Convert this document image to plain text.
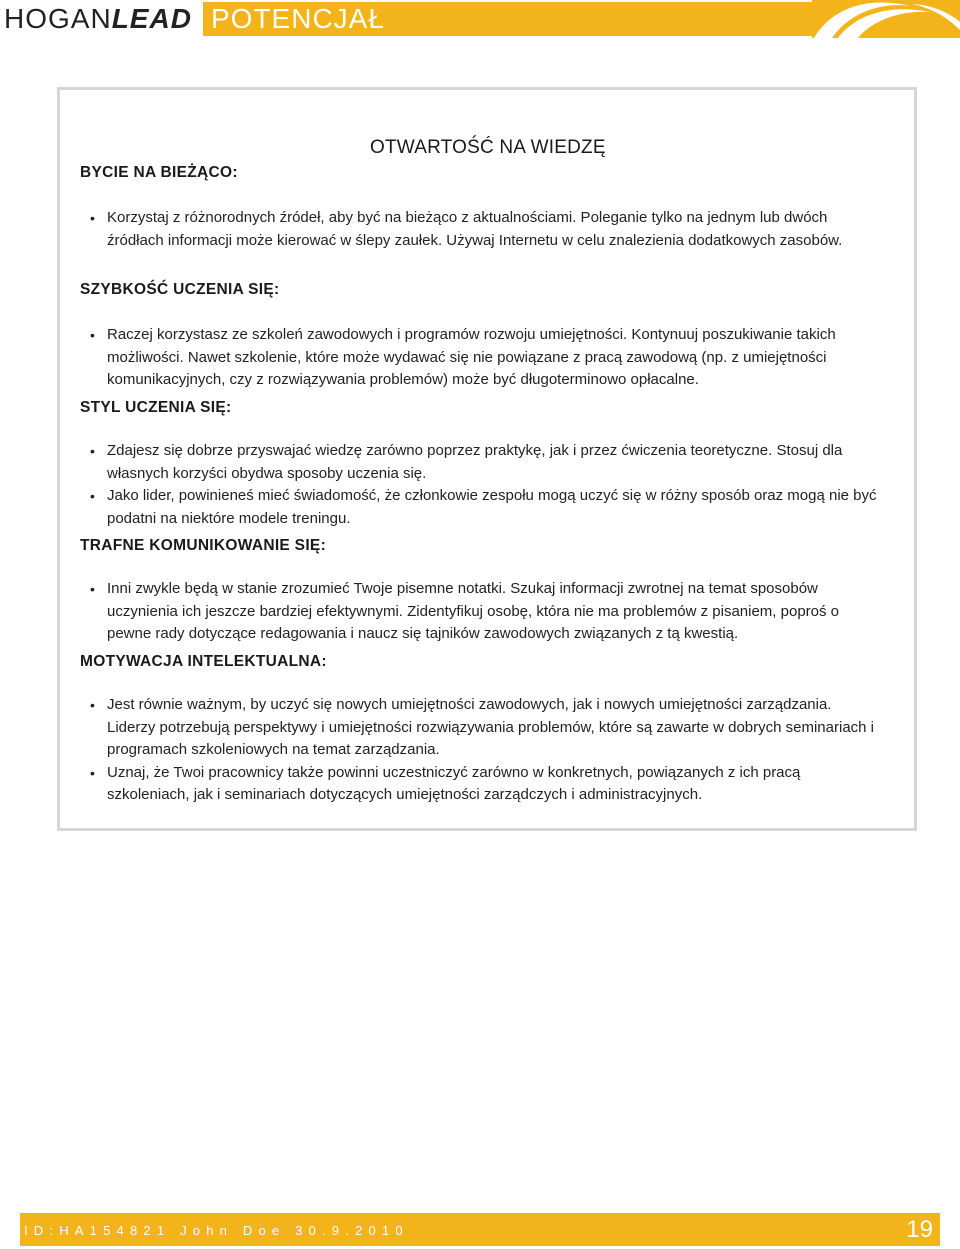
HOGANLEAD POTENCJAŁ
OTWARTOŚĆ NA WIEDZĘ
BYCIE NA BIEŻĄCO:
• Korzystaj z różnorodnych źródeł, aby być na bieżąco z aktualnościami. Poleganie tylko na jednym lub dwóch źródłach informacji może kierować w ślepy zaułek. Używaj Internetu w celu znalezienia dodatkowych zasobów.
SZYBKOŚĆ UCZENIA SIĘ:
• Raczej korzystasz ze szkoleń zawodowych i programów rozwoju umiejętności. Kontynuuj poszukiwanie takich możliwości. Nawet szkolenie, które może wydawać się nie powiązane z pracą zawodową (np. z umiejętności komunikacyjnych, czy z rozwiązywania problemów) może być długoterminowo opłacalne.
STYL UCZENIA SIĘ:
• Zdajesz się dobrze przyswajać wiedzę zarówno poprzez praktykę, jak i przez ćwiczenia teoretyczne. Stosuj dla własnych korzyści obydwa sposoby uczenia się.
• Jako lider, powinieneś mieć świadomość, że członkowie zespołu mogą uczyć się w różny sposób oraz mogą nie być podatni na niektóre modele treningu.
TRAFNE KOMUNIKOWANIE SIĘ:
• Inni zwykle będą w stanie zrozumieć Twoje pisemne notatki. Szukaj informacji zwrotnej na temat sposobów uczynienia ich jeszcze bardziej efektywnymi. Zidentyfikuj osobę, która nie ma problemów z pisaniem, poproś o pewne rady dotyczące redagowania i naucz się tajników zawodowych związanych z tą kwestią.
MOTYWACJA INTELEKTUALNA:
• Jest równie ważnym, by uczyć się nowych umiejętności zawodowych, jak i nowych umiejętności zarządzania. Liderzy potrzebują perspektywy i umiejętności rozwiązywania problemów, które są zawarte w dobrych seminariach i programach szkoleniowych na temat zarządzania.
• Uznaj, że Twoi pracownicy także powinni uczestniczyć zarówno w konkretnych, powiązanych z ich pracą szkoleniach, jak i seminariach dotyczących umiejętności zarządczych i administracyjnych.
ID:HA154821 John Doe 30.9.2010	19
